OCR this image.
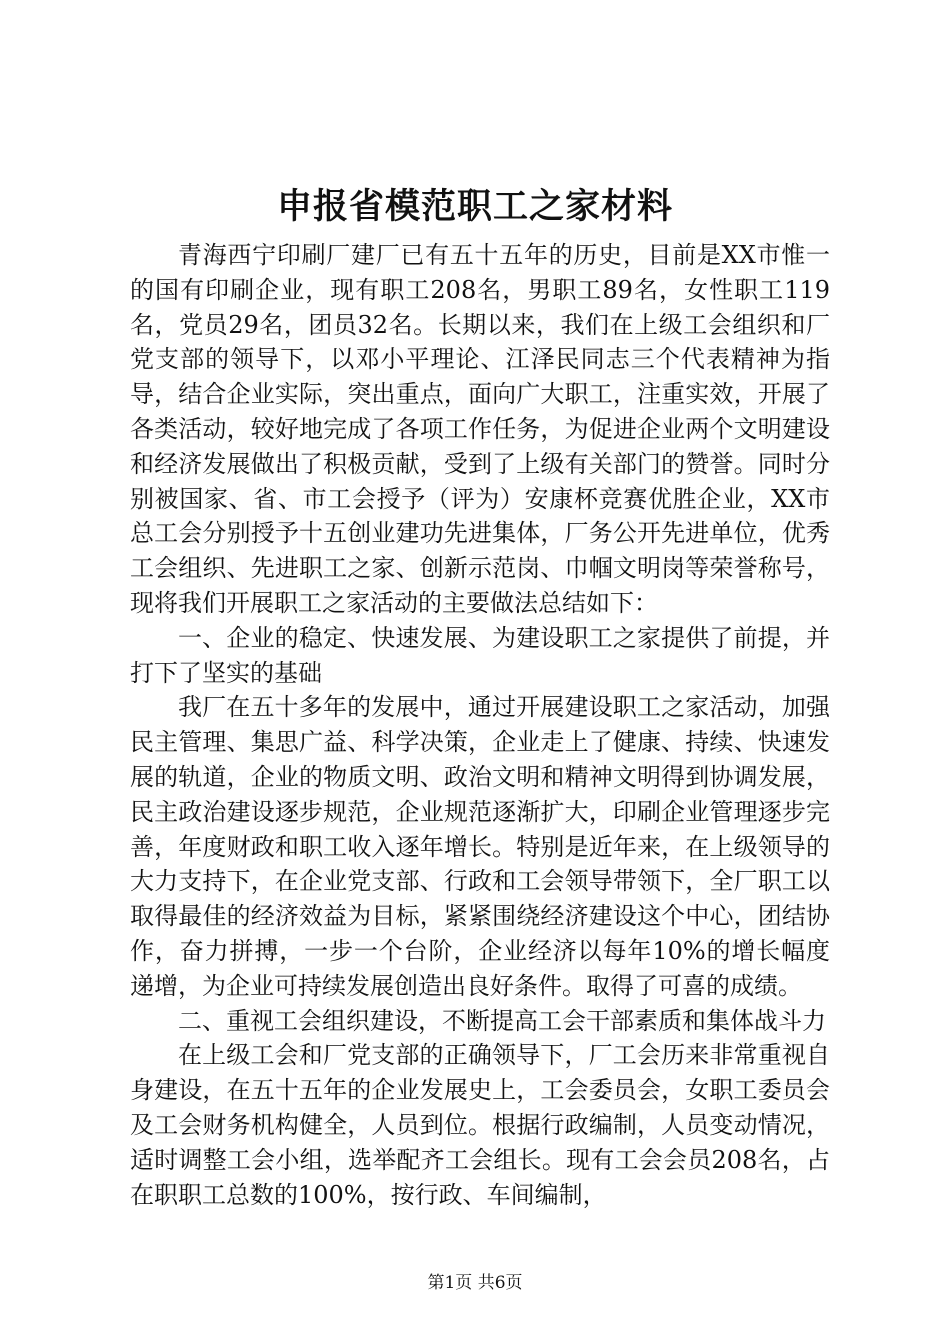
申报省模范职工之家材料

青海西宁印刷厂建厂已有五十五年的历史，目前是XX市惟一的国有印刷企业，现有职工208名，男职工89名，女性职工119名，党员29名，团员32名。长期以来，我们在上级工会组织和厂党支部的领导下，以邓小平理论、江泽民同志三个代表精神为指导，结合企业实际，突出重点，面向广大职工，注重实效，开展了各类活动，较好地完成了各项工作任务，为促进企业两个文明建设和经济发展做出了积极贡献，受到了上级有关部门的赞誉。同时分别被国家、省、市工会授予（评为）安康杯竞赛优胜企业，XX市总工会分别授予十五创业建功先进集体，厂务公开先进单位，优秀工会组织、先进职工之家、创新示范岗、巾帼文明岗等荣誉称号，现将我们开展职工之家活动的主要做法总结如下：

一、企业的稳定、快速发展、为建设职工之家提供了前提，并打下了坚实的基础

我厂在五十多年的发展中，通过开展建设职工之家活动，加强民主管理、集思广益、科学决策，企业走上了健康、持续、快速发展的轨道，企业的物质文明、政治文明和精神文明得到协调发展，民主政治建设逐步规范，企业规范逐渐扩大，印刷企业管理逐步完善，年度财政和职工收入逐年增长。特别是近年来，在上级领导的大力支持下，在企业党支部、行政和工会领导带领下，全厂职工以取得最佳的经济效益为目标，紧紧围绕经济建设这个中心，团结协作，奋力拼搏，一步一个台阶，企业经济以每年10%的增长幅度递增，为企业可持续发展创造出良好条件。取得了可喜的成绩。

二、重视工会组织建设，不断提高工会干部素质和集体战斗力

在上级工会和厂党支部的正确领导下，厂工会历来非常重视自身建设，在五十五年的企业发展史上，工会委员会，女职工委员会及工会财务机构健全，人员到位。根据行政编制，人员变动情况，适时调整工会小组，选举配齐工会组长。现有工会会员208名，占在职职工总数的100%，按行政、车间编制，

第1页 共6页
